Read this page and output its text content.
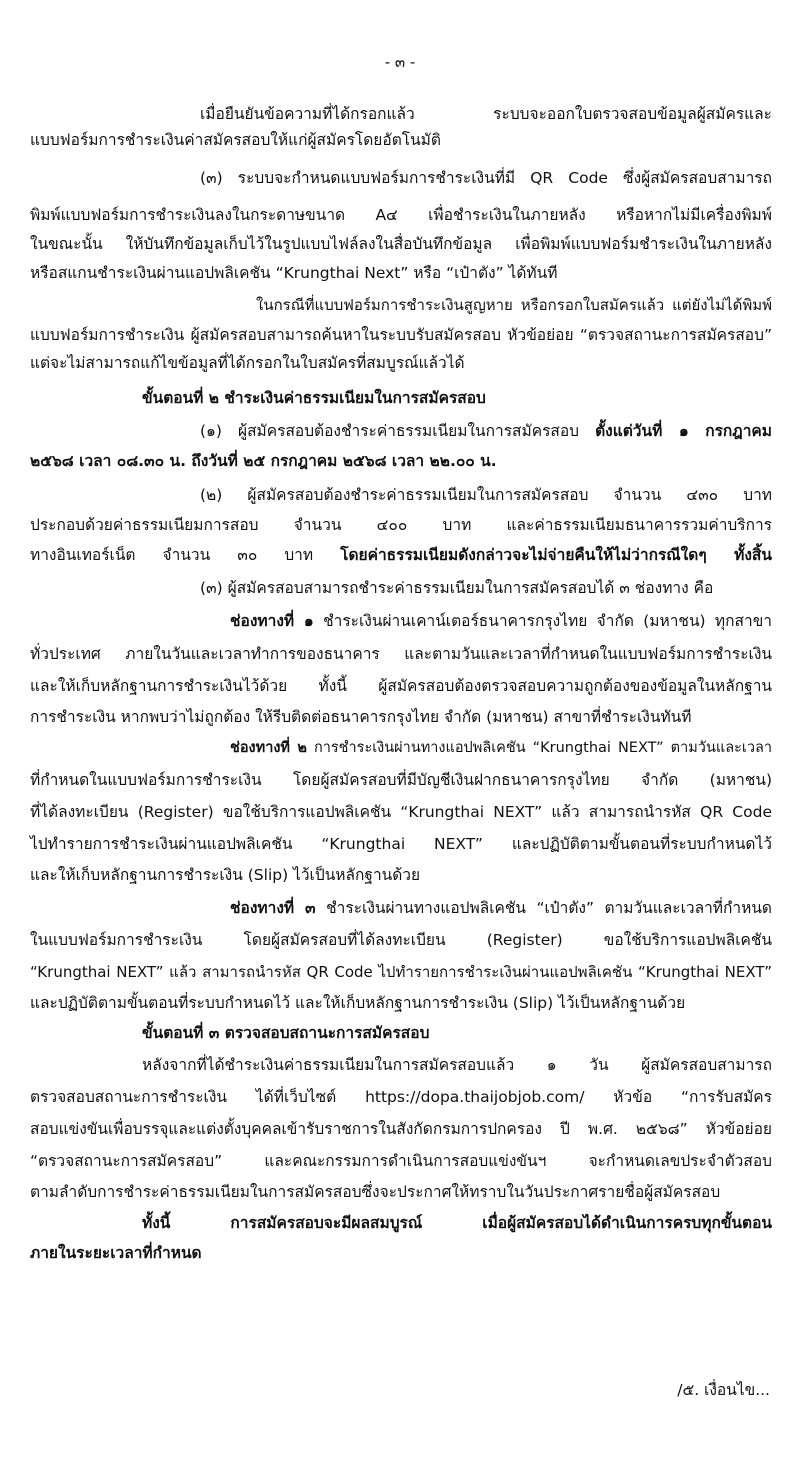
- ๓ -
เมื่อยืนยันข้อความที่ได้กรอกแล้ว ระบบจะออกใบตรวจสอบข้อมูลผู้สมัครและ
แบบฟอร์มการชำระเงินค่าสมัครสอบให้แก่ผู้สมัครโดยอัตโนมัติ
(๓) ระบบจะกำหนดแบบฟอร์มการชำระเงินที่มี QR Code ซึ่งผู้สมัครสอบสามารถ
พิมพ์แบบฟอร์มการชำระเงินลงในกระดาษขนาด A๔ เพื่อชำระเงินในภายหลัง หรือหากไม่มีเครื่องพิมพ์
ในขณะนั้น ให้บันทึกข้อมูลเก็บไว้ในรูปแบบไฟล์ลงในสื่อบันทึกข้อมูล เพื่อพิมพ์แบบฟอร์มชำระเงินในภายหลัง
หรือสแกนชำระเงินผ่านแอปพลิเคชัน “Krungthai Next” หรือ “เป๋าตัง” ได้ทันที
ในกรณีที่แบบฟอร์มการชำระเงินสูญหาย หรือกรอกใบสมัครแล้ว แต่ยังไม่ได้พิมพ์
แบบฟอร์มการชำระเงิน ผู้สมัครสอบสามารถค้นหาในระบบรับสมัครสอบ หัวข้อย่อย “ตรวจสถานะการสมัครสอบ”
แต่จะไม่สามารถแก้ไขข้อมูลที่ได้กรอกในใบสมัครที่สมบูรณ์แล้วได้
ขั้นตอนที่ ๒ ชำระเงินค่าธรรมเนียมในการสมัครสอบ
(๑) ผู้สมัครสอบต้องชำระค่าธรรมเนียมในการสมัครสอบ ตั้งแต่วันที่ ๑ กรกฎาคม
๒๕๖๘ เวลา ๐๘.๓๐ น. ถึงวันที่ ๒๕ กรกฎาคม ๒๕๖๘ เวลา ๒๒.๐๐ น.
(๒) ผู้สมัครสอบต้องชำระค่าธรรมเนียมในการสมัครสอบ จำนวน ๔๓๐ บาท
ประกอบด้วยค่าธรรมเนียมการสอบ จำนวน ๔๐๐ บาท และค่าธรรมเนียมธนาคารรวมค่าบริการ
ทางอินเทอร์เน็ต จำนวน ๓๐ บาท โดยค่าธรรมเนียมดังกล่าวจะไม่จ่ายคืนให้ไม่ว่ากรณีใดๆ ทั้งสิ้น
(๓) ผู้สมัครสอบสามารถชำระค่าธรรมเนียมในการสมัครสอบได้ ๓ ช่องทาง คือ
ช่องทางที่ ๑ ชำระเงินผ่านเคาน์เตอร์ธนาคารกรุงไทย จำกัด (มหาชน) ทุกสาขา
ทั่วประเทศ ภายในวันและเวลาทำการของธนาคาร และตามวันและเวลาที่กำหนดในแบบฟอร์มการชำระเงิน
และให้เก็บหลักฐานการชำระเงินไว้ด้วย ทั้งนี้ ผู้สมัครสอบต้องตรวจสอบความถูกต้องของข้อมูลในหลักฐาน
การชำระเงิน หากพบว่าไม่ถูกต้อง ให้รีบติดต่อธนาคารกรุงไทย จำกัด (มหาชน) สาขาที่ชำระเงินทันที
ช่องทางที่ ๒ การชำระเงินผ่านทางแอปพลิเคชัน “Krungthai NEXT” ตามวันและเวลา
ที่กำหนดในแบบฟอร์มการชำระเงิน โดยผู้สมัครสอบที่มีบัญชีเงินฝากธนาคารกรุงไทย จำกัด (มหาชน)
ที่ได้ลงทะเบียน (Register) ขอใช้บริการแอปพลิเคชัน “Krungthai NEXT” แล้ว สามารถนำรหัส QR Code
ไปทำรายการชำระเงินผ่านแอปพลิเคชัน “Krungthai NEXT” และปฏิบัติตามขั้นตอนที่ระบบกำหนดไว้
และให้เก็บหลักฐานการชำระเงิน (Slip) ไว้เป็นหลักฐานด้วย
ช่องทางที่ ๓ ชำระเงินผ่านทางแอปพลิเคชัน “เป๋าตัง” ตามวันและเวลาที่กำหนด
ในแบบฟอร์มการชำระเงิน โดยผู้สมัครสอบที่ได้ลงทะเบียน (Register) ขอใช้บริการแอปพลิเคชัน
“Krungthai NEXT” แล้ว สามารถนำรหัส QR Code ไปทำรายการชำระเงินผ่านแอปพลิเคชัน “Krungthai NEXT”
และปฏิบัติตามขั้นตอนที่ระบบกำหนดไว้ และให้เก็บหลักฐานการชำระเงิน (Slip) ไว้เป็นหลักฐานด้วย
ขั้นตอนที่ ๓ ตรวจสอบสถานะการสมัครสอบ
หลังจากที่ได้ชำระเงินค่าธรรมเนียมในการสมัครสอบแล้ว ๑ วัน ผู้สมัครสอบสามารถ
ตรวจสอบสถานะการชำระเงิน ได้ที่เว็บไซต์ https://dopa.thaijobjob.com/ หัวข้อ “การรับสมัคร
สอบแข่งขันเพื่อบรรจุและแต่งตั้งบุคคลเข้ารับราชการในสังกัดกรมการปกครอง ปี พ.ศ. ๒๕๖๘” หัวข้อย่อย
“ตรวจสถานะการสมัครสอบ” และคณะกรรมการดำเนินการสอบแข่งขันฯ จะกำหนดเลขประจำตัวสอบ
ตามลำดับการชำระค่าธรรมเนียมในการสมัครสอบซึ่งจะประกาศให้ทราบในวันประกาศรายชื่อผู้สมัครสอบ
ทั้งนี้ การสมัครสอบจะมีผลสมบูรณ์ เมื่อผู้สมัครสอบได้ดำเนินการครบทุกขั้นตอน
ภายในระยะเวลาที่กำหนด
/๕. เงื่อนไข...
